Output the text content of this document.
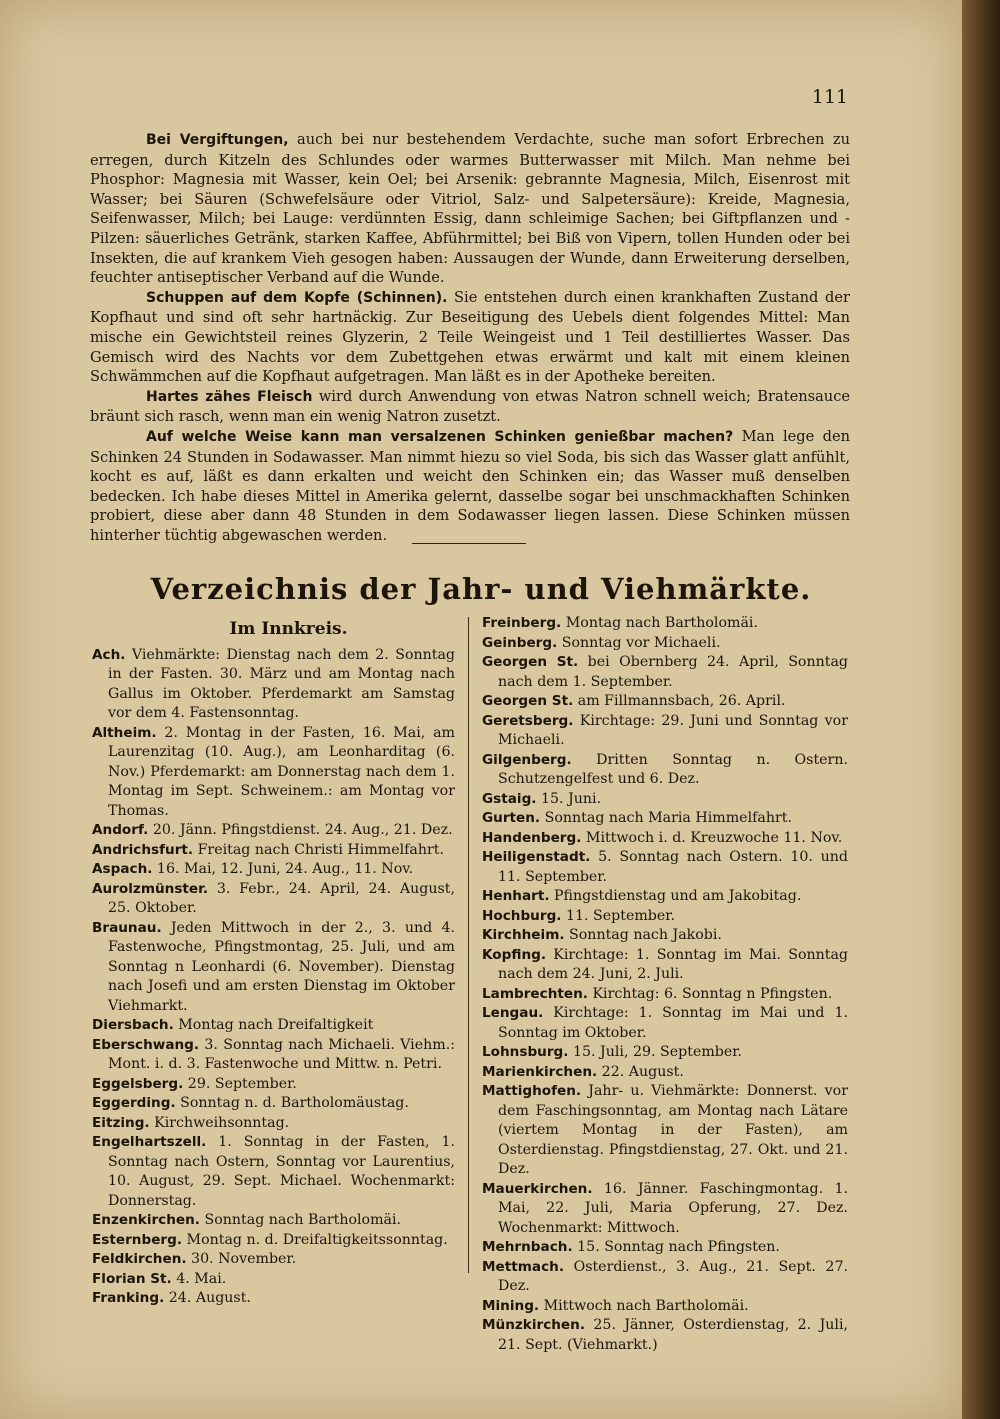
111

Bei Vergiftungen, auch bei nur bestehendem Verdachte, suche man sofort Erbrechen zu erregen, durch Kitzeln des Schlundes oder warmes Butterwasser mit Milch. Man nehme bei Phosphor: Magnesia mit Wasser, kein Oel; bei Arsenik: gebrannte Magnesia, Milch, Eisenrost mit Wasser; bei Säuren (Schwefelsäure oder Vitriol, Salz- und Salpetersäure): Kreide, Magnesia, Seifenwasser, Milch; bei Lauge: verdünnten Essig, dann schleimige Sachen; bei Giftpflanzen und -Pilzen: säuerliches Getränk, starken Kaffee, Abführmittel; bei Biß von Vipern, tollen Hunden oder bei Insekten, die auf krankem Vieh gesogen haben: Aussaugen der Wunde, dann Erweiterung derselben, feuchter antiseptischer Verband auf die Wunde.

Schuppen auf dem Kopfe (Schinnen). Sie entstehen durch einen krankhaften Zustand der Kopfhaut und sind oft sehr hartnäckig. Zur Beseitigung des Uebels dient folgendes Mittel: Man mische ein Gewichtsteil reines Glyzerin, 2 Teile Weingeist und 1 Teil destilliertes Wasser. Das Gemisch wird des Nachts vor dem Zubettgehen etwas erwärmt und kalt mit einem kleinen Schwämmchen auf die Kopfhaut aufgetragen. Man läßt es in der Apotheke bereiten.

Hartes zähes Fleisch wird durch Anwendung von etwas Natron schnell weich; Bratensauce bräunt sich rasch, wenn man ein wenig Natron zusetzt.

Auf welche Weise kann man versalzenen Schinken genießbar machen? Man lege den Schinken 24 Stunden in Sodawasser. Man nimmt hiezu so viel Soda, bis sich das Wasser glatt anfühlt, kocht es auf, läßt es dann erkalten und weicht den Schinken ein; das Wasser muß denselben bedecken. Ich habe dieses Mittel in Amerika gelernt, dasselbe sogar bei unschmackhaften Schinken probiert, diese aber dann 48 Stunden in dem Sodawasser liegen lassen. Diese Schinken müssen hinterher tüchtig abgewaschen werden.

Verzeichnis der Jahr- und Viehmärkte.
Im Innkreis.

Ach. Viehmärkte: Dienstag nach dem 2. Sonntag in der Fasten. 30. März und am Montag nach Gallus im Oktober. Pferdemarkt am Samstag vor dem 4. Fastensonntag.

Altheim. 2. Montag in der Fasten, 16. Mai, am Laurenzitag (10. Aug.), am Leonharditag (6. Nov.) Pferdemarkt: am Donnerstag nach dem 1. Montag im Sept. Schweinem.: am Montag vor Thomas.

Andorf. 20. Jänn. Pfingstdienst. 24. Aug., 21. Dez.

Andrichsfurt. Freitag nach Christi Himmelfahrt.

Aspach. 16. Mai, 12. Juni, 24. Aug., 11. Nov.

Aurolzmünster. 3. Febr., 24. April, 24. August, 25. Oktober.

Braunau. Jeden Mittwoch in der 2., 3. und 4. Fastenwoche, Pfingstmontag, 25. Juli, und am Sonntag n Leonhardi (6. November). Dienstag nach Josefi und am ersten Dienstag im Oktober Viehmarkt.

Diersbach. Montag nach Dreifaltigkeit

Eberschwang. 3. Sonntag nach Michaeli. Viehm.: Mont. i. d. 3. Fastenwoche und Mittw. n. Petri.

Eggelsberg. 29. September.

Eggerding. Sonntag n. d. Bartholomäustag.

Eitzing. Kirchweihsonntag.

Engelhartszell. 1. Sonntag in der Fasten, 1. Sonntag nach Ostern, Sonntag vor Laurentius, 10. August, 29. Sept. Michael. Wochenmarkt: Donnerstag.

Enzenkirchen. Sonntag nach Bartholomäi.

Esternberg. Montag n. d. Dreifaltigkeitssonntag.

Feldkirchen. 30. November.

Florian St. 4. Mai.

Franking. 24. August.

Freinberg. Montag nach Bartholomäi.

Geinberg. Sonntag vor Michaeli.

Georgen St. bei Obernberg 24. April, Sonntag nach dem 1. September.

Georgen St. am Fillmannsbach, 26. April.

Geretsberg. Kirchtage: 29. Juni und Sonntag vor Michaeli.

Gilgenberg. Dritten Sonntag n. Ostern. Schutzengelfest und 6. Dez.

Gstaig. 15. Juni.

Gurten. Sonntag nach Maria Himmelfahrt.

Handenberg. Mittwoch i. d. Kreuzwoche 11. Nov.

Heiligenstadt. 5. Sonntag nach Ostern. 10. und 11. September.

Henhart. Pfingstdienstag und am Jakobitag.

Hochburg. 11. September.

Kirchheim. Sonntag nach Jakobi.

Kopfing. Kirchtage: 1. Sonntag im Mai. Sonntag nach dem 24. Juni, 2. Juli.

Lambrechten. Kirchtag: 6. Sonntag n Pfingsten.

Lengau. Kirchtage: 1. Sonntag im Mai und 1. Sonntag im Oktober.

Lohnsburg. 15. Juli, 29. September.

Marienkirchen. 22. August.

Mattighofen. Jahr- u. Viehmärkte: Donnerst. vor dem Faschingsonntag, am Montag nach Lätare (viertem Montag in der Fasten), am Osterdienstag. Pfingstdienstag, 27. Okt. und 21. Dez.

Mauerkirchen. 16. Jänner. Faschingmontag. 1. Mai, 22. Juli, Maria Opferung, 27. Dez. Wochenmarkt: Mittwoch.

Mehrnbach. 15. Sonntag nach Pfingsten.

Mettmach. Osterdienst., 3. Aug., 21. Sept. 27. Dez.

Mining. Mittwoch nach Bartholomäi.

Münzkirchen. 25. Jänner, Osterdienstag, 2. Juli, 21. Sept. (Viehmarkt.)
